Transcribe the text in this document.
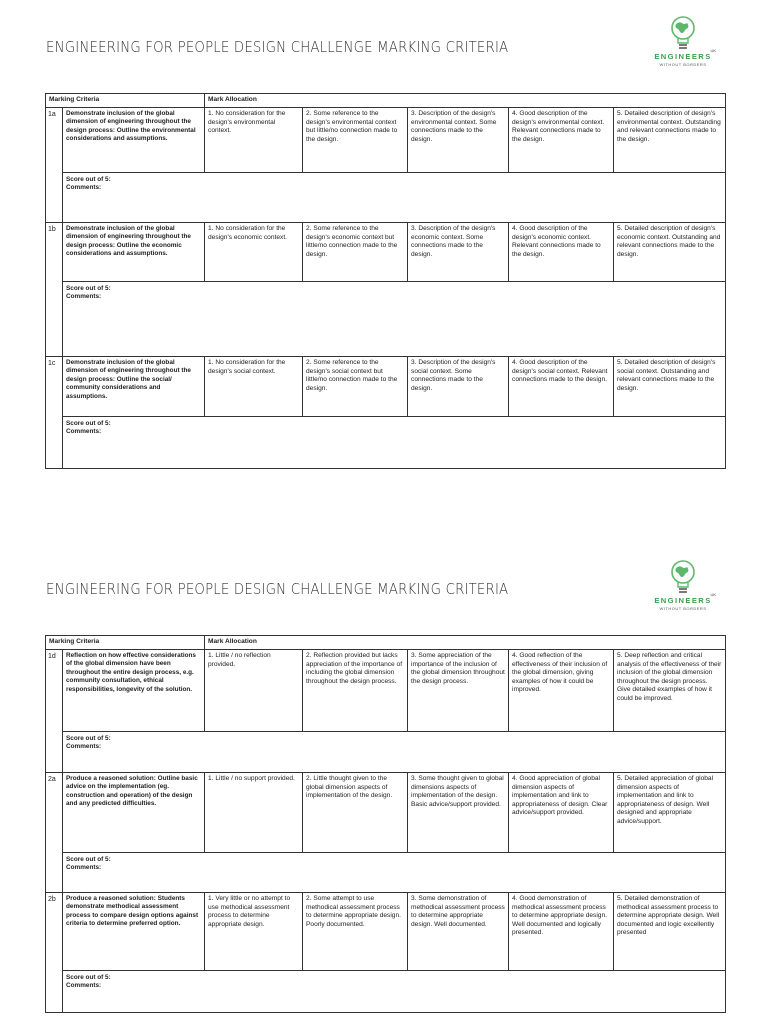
ENGINEERING FOR PEOPLE DESIGN CHALLENGE MARKING CRITERIA	UK
ENGINEERS
WITHOUT BORDERS
Marking Criteria		Mark Allocation				
1a	Demonstrate inclusion of the global dimension of engineering throughout the design process: Outline the environmental considerations and assumptions.	1. No consideration for the design's environmental context.	2. Some reference to the design's environmental context but little/no connection made to the design.	3. Description of the design's environmental context. Some connections made to the design.	4. Good description of the design's environmental context. Relevant connections made to the design.	5. Detailed description of design's environmental context. Outstanding and relevant connections made to the design.

	Score out of 5: Comments:					

1b	Demonstrate inclusion of the global dimension of engineering throughout the design process: Outline the economic considerations and assumptions.	1. No consideration for the design's economic context.	2. Some reference to the design's economic context but little/no connection made to the design.	3. Description of the design's economic context. Some connections made to the design.	4. Good description of the design's economic context. Relevant connections made to the design.	5. Detailed description of design's economic context. Outstanding and relevant connections made to the design.

	Score out of 5: Comments:					

1c	Demonstrate inclusion of the global dimension of engineering throughout the design process: Outline the social/ community considerations and assumptions.	1. No consideration for the design's social context.	2. Some reference to the design's social context but little/no connection made to the design.	3. Description of the design's social context. Some connections made to the design.	4. Good description of the design's social context. Relevant connections made to the design.	5. Detailed description of design's social context. Outstanding and relevant connections made to the design.

	Score out of 5: Comments:					
ENGINEERING FOR PEOPLE DESIGN CHALLENGE MARKING CRITERIA	UK
ENGINEERS
WITHOUT BORDERS
Marking Criteria		Mark Allocation				
1d	Reflection on how effective considerations of the global dimension have been throughout the entire design process, e.g. community consultation, ethical responsibilities, longevity of the solution.	1. Little / no reflection provided.	2. Reflection provided but lacks appreciation of the importance of including the global dimension throughout the design process.	3. Some appreciation of the importance of the inclusion of the global dimension throughout the design process.	4. Good reflection of the effectiveness of their inclusion of the global dimension, giving examples of how it could be improved.	5. Deep reflection and critical analysis of the effectiveness of their inclusion of the global dimension throughout the design process. Give detailed examples of how it could be improved.

	Score out of 5: Comments:					

2a	Produce a reasoned solution: Outline basic advice on the implementation (eg. construction and operation) of the design and any predicted difficulties.	1. Little / no support provided.	2. Little thought given to the global dimension aspects of implementation of the design.	3. Some thought given to global dimensions aspects of implementation of the design. Basic advice/support provided.	4. Good appreciation of global dimension aspects of implementation and link to appropriateness of design. Clear advice/support provided.	5. Detailed appreciation of global dimension aspects of implementation and link to appropriateness of design. Well designed and appropriate advice/support.

	Score out of 5: Comments:					

2b	Produce a reasoned solution: Students demonstrate methodical assessment process to compare design options against criteria to determine preferred option.	1. Very little or no attempt to use methodical assessment process to determine appropriate design.	2. Some attempt to use methodical assessment process to determine appropriate design. Poorly documented.	3. Some demonstration of methodical assessment process to determine appropriate design. Well documented.	4. Good demonstration of methodical assessment process to determine appropriate design. Well documented and logically presented.	5. Detailed demonstration of methodical assessment process to determine appropriate design. Well documented and logic excellently presented

	Score out of 5: Comments:					
